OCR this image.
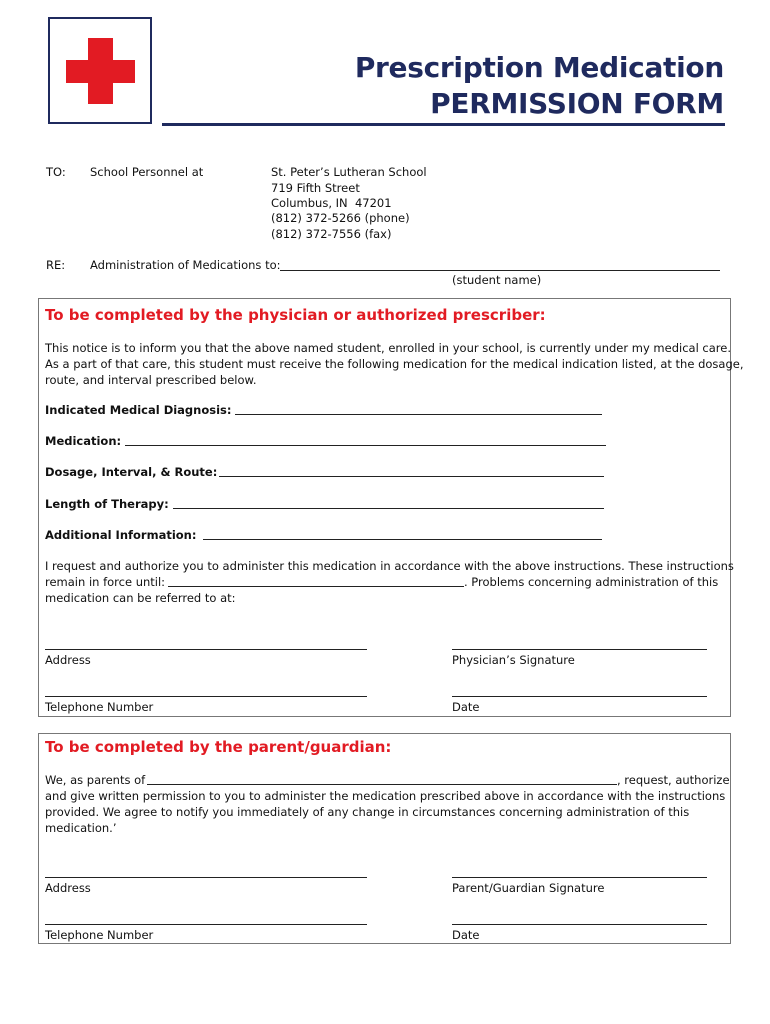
Prescription Medication
PERMISSION FORM
TO: School Personnel at	St. Peter’s Lutheran School
719 Fifth Street
Columbus, IN  47201
(812) 372-5266 (phone)
(812) 372-7556 (fax)
RE: Administration of Medications to:
(student name)
To be completed by the physician or authorized prescriber:
This notice is to inform you that the above named student, enrolled in your school, is currently under my medical care.
As a part of that care, this student must receive the following medication for the medical indication listed, at the dosage,
route, and interval prescribed below.
Indicated Medical Diagnosis:
Medication:
Dosage, Interval, & Route:
Length of Therapy:
Additional Information:
I request and authorize you to administer this medication in accordance with the above instructions. These instructions
remain in force until:	. Problems concerning administration of this
medication can be referred to at:
Address	Physician’s Signature
Telephone Number	Date
To be completed by the parent/guardian:
We, as parents of	, request, authorize
and give written permission to you to administer the medication prescribed above in accordance with the instructions
provided. We agree to notify you immediately of any change in circumstances concerning administration of this
medication.’
Address	Parent/Guardian Signature
Telephone Number	Date
